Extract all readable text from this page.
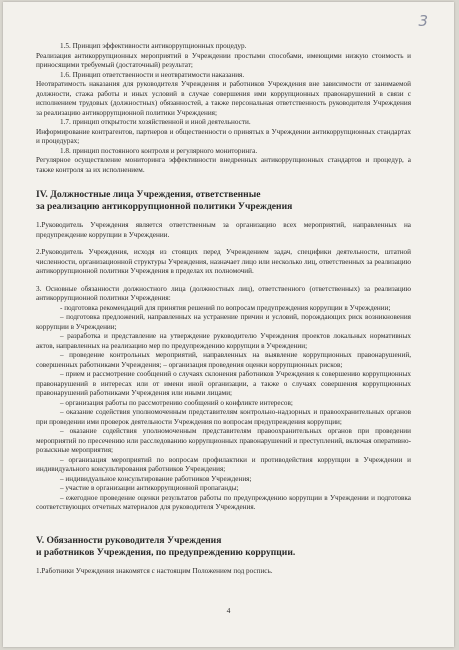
3

1.5. Принцип эффективности антикоррупционных процедур.

Реализация антикоррупционных мероприятий в Учреждении простыми способами, имеющими низкую стоимость и приносящими требуемый (достаточный) результат;

1.6. Принцип ответственности и неотвратимости наказания.

Неотвратимость наказания для руководителя Учреждения и работников Учреждения вне зависимости от занимаемой должности, стажа работы и иных условий в случае совершения ими коррупционных правонарушений в связи с исполнением трудовых (должностных) обязанностей, а также персональная ответственность руководителя Учреждения за реализацию антикоррупционной политики Учреждения;

1.7. принцип открытости хозяйственной и иной деятельности.

Информирование контрагентов, партнеров и общественности о принятых в Учреждении антикоррупционных стандартах и процедурах;

1.8. принцип постоянного контроля и регулярного мониторинга.

Регулярное осуществление мониторинга эффективности внедренных антикоррупционных стандартов и процедур, а также контроля за их исполнением.

IV. Должностные лица Учреждения, ответственные

за реализацию антикоррупционной политики Учреждения

1.Руководитель Учреждения является ответственным за организацию всех мероприятий, направленных на предупреждение коррупции в Учреждении.

2.Руководитель Учреждения, исходя из стоящих перед Учреждением задач, специфики деятельности, штатной численности, организационной структуры Учреждения, назначает лицо или несколько лиц, ответственных за реализацию антикоррупционной политики Учреждения в пределах их полномочий.

3. Основные обязанности должностного лица (должностных лиц), ответственного (ответственных) за реализацию антикоррупционной политики Учреждения:

- подготовка рекомендаций для принятия решений по вопросам предупреждения коррупции в Учреждении;

– подготовка предложений, направленных на устранение причин и условий, порождающих риск возникновения коррупции в Учреждении;

– разработка и представление на утверждение руководителю Учреждения проектов локальных нормативных актов, направленных на реализацию мер по предупреждению коррупции в Учреждении;

– проведение контрольных мероприятий, направленных на выявление коррупционных правонарушений, совершенных работниками Учреждения; – организация проведения оценки коррупционных рисков;

– прием и рассмотрение сообщений о случаях склонения работников Учреждения к совершению коррупционных правонарушений в интересах или от имени иной организации, а также о случаях совершения коррупционных правонарушений работниками Учреждения или иными лицами;

– организация работы по рассмотрению сообщений о конфликте интересов;

– оказание содействия уполномоченным представителям контрольно-надзорных и правоохранительных органов при проведении ими проверок деятельности Учреждения по вопросам предупреждения коррупции;

– оказание содействия уполномоченным представителям правоохранительных органов при проведении мероприятий по пресечению или расследованию коррупционных правонарушений и преступлений, включая оперативно-розыскные мероприятия;

– организация мероприятий по вопросам профилактики и противодействия коррупции в Учреждении и индивидуального консультирования работников Учреждения;

– индивидуальное консультирование работников Учреждения;

– участие в организации антикоррупционной пропаганды;

– ежегодное проведение оценки результатов работы по предупреждению коррупции в Учреждении и подготовка соответствующих отчетных материалов для руководителя Учреждения.

V. Обязанности руководителя Учреждения

и работников Учреждения, по предупреждению коррупции.

1.Работники Учреждения знакомятся с настоящим Положением под роспись.

4
